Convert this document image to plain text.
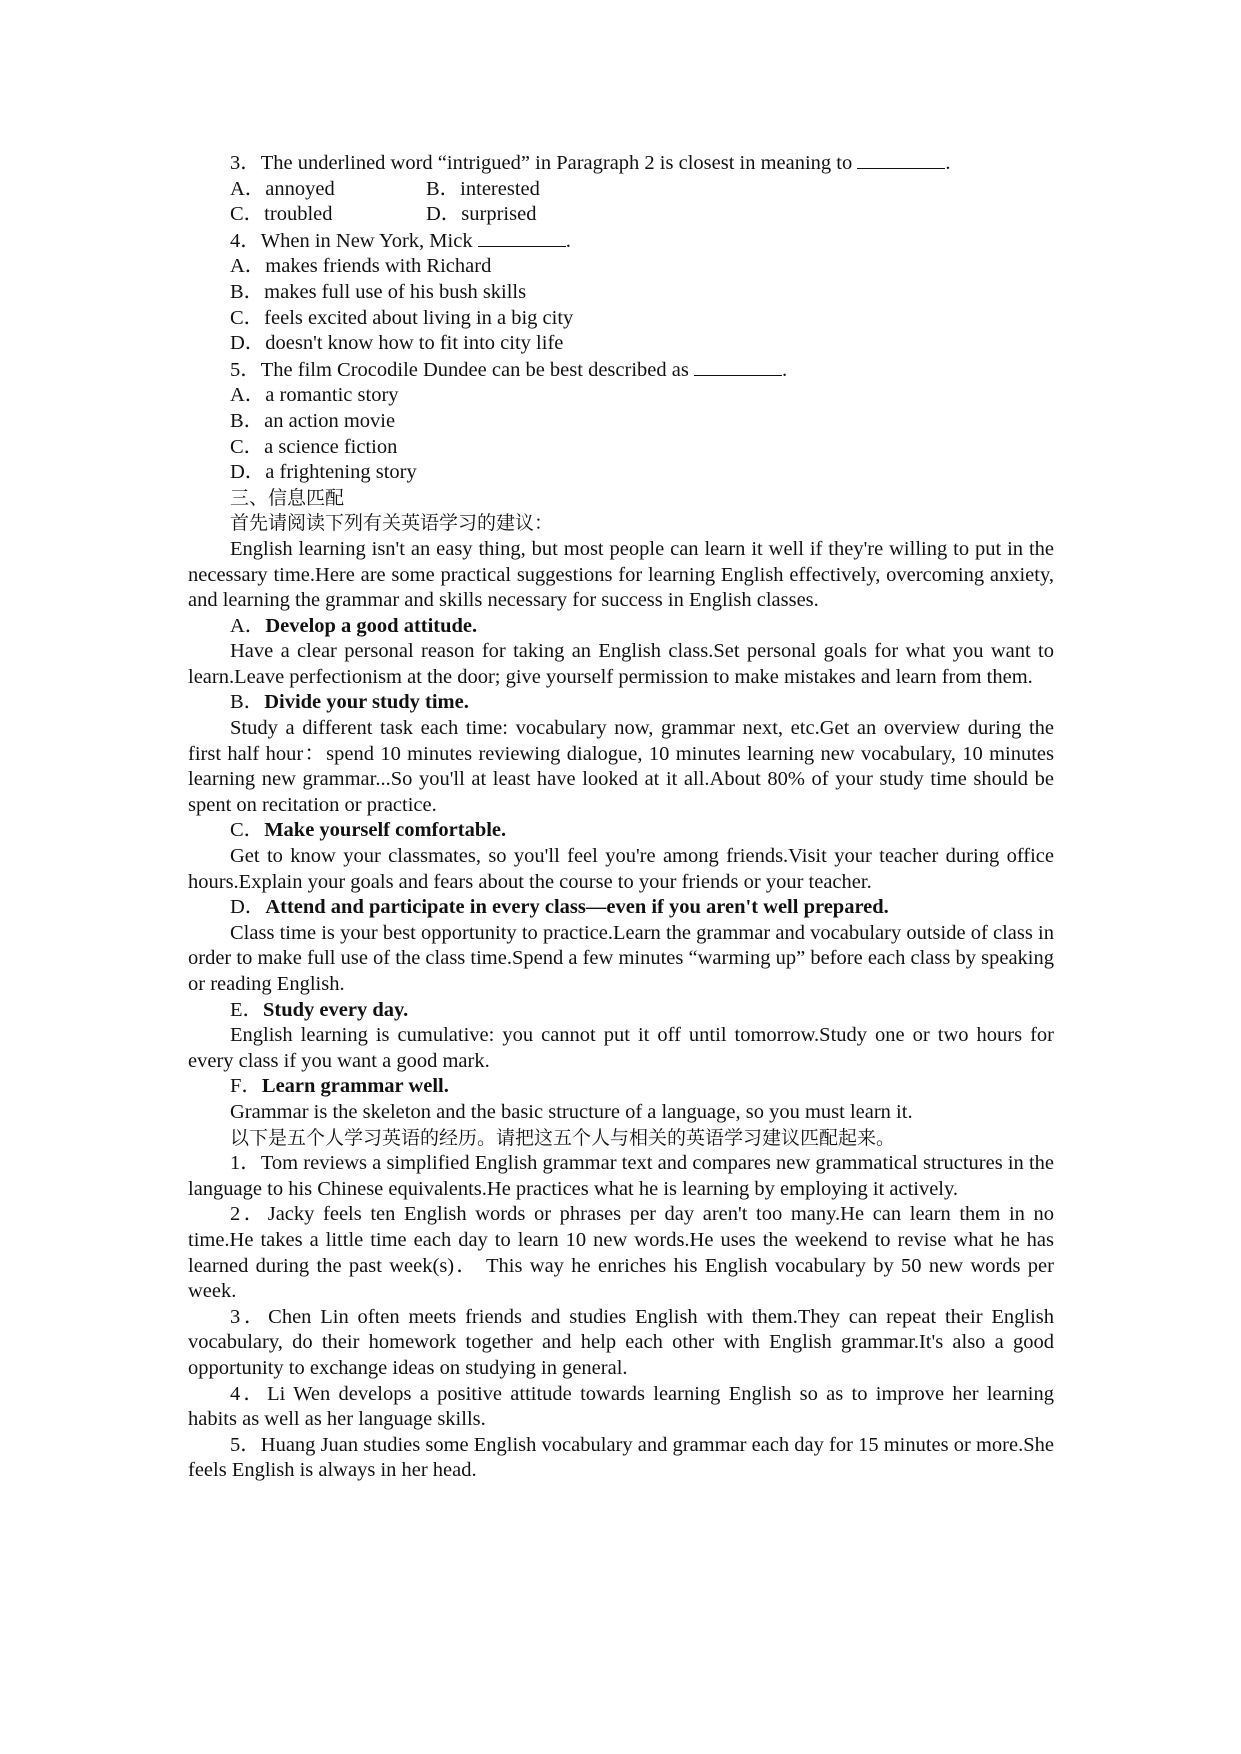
3．The underlined word “intrigued” in Paragraph 2 is closest in meaning to	.
A．annoyed	B．interested
C．troubled	D．surprised
4．When in New York, Mick	.
A．makes friends with Richard
B．makes full use of his bush skills
C．feels excited about living in a big city
D．doesn't know how to fit into city life
5．The film Crocodile Dundee can be best described as	.
A．a romantic story
B．an action movie
C．a science fiction
D．a frightening story
三、信息匹配
首先请阅读下列有关英语学习的建议：
English learning isn't an easy thing, but most people can learn it well if they're willing to put in the necessary time.Here are some practical suggestions for learning English effectively, overcoming anxiety, and learning the grammar and skills necessary for success in English classes.
A．Develop a good attitude.
Have a clear personal reason for taking an English class.Set personal goals for what you want to learn.Leave perfectionism at the door; give yourself permission to make mistakes and learn from them.
B．Divide your study time.
Study a different task each time: vocabulary now, grammar next, etc.Get an overview during the first half hour：spend 10 minutes reviewing dialogue, 10 minutes learning new vocabulary, 10 minutes learning new grammar...So you'll at least have looked at it all.About 80% of your study time should be spent on recitation or practice.
C．Make yourself comfortable.
Get to know your classmates, so you'll feel you're among friends.Visit your teacher during office hours.Explain your goals and fears about the course to your friends or your teacher.
D．Attend and participate in every class—even if you aren't well prepared.
Class time is your best opportunity to practice.Learn the grammar and vocabulary outside of class in order to make full use of the class time.Spend a few minutes “warming up” before each class by speaking or reading English.
E．Study every day.
English learning is cumulative: you cannot put it off until tomorrow.Study one or two hours for every class if you want a good mark.
F．Learn grammar well.
Grammar is the skeleton and the basic structure of a language, so you must learn it.
以下是五个人学习英语的经历。请把这五个人与相关的英语学习建议匹配起来。
1．Tom reviews a simplified English grammar text and compares new grammatical structures in the language to his Chinese equivalents.He practices what he is learning by employing it actively.
2．Jacky feels ten English words or phrases per day aren't too many.He can learn them in no time.He takes a little time each day to learn 10 new words.He uses the weekend to revise what he has learned during the past week(s)． This way he enriches his English vocabulary by 50 new words per week.
3．Chen Lin often meets friends and studies English with them.They can repeat their English vocabulary, do their homework together and help each other with English grammar.It's also a good opportunity to exchange ideas on studying in general.
4．Li Wen develops a positive attitude towards learning English so as to improve her learning habits as well as her language skills.
5．Huang Juan studies some English vocabulary and grammar each day for 15 minutes or more.She feels English is always in her head.
